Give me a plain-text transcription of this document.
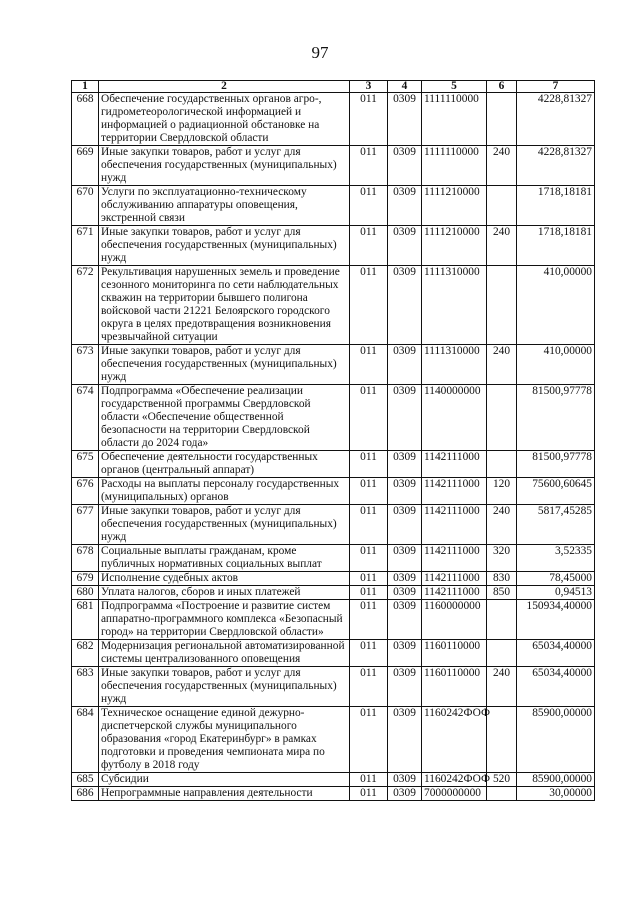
97
1	2	3	4	5	6	7
668	Обеспечение государственных органов агро-, гидрометеорологической информацией и информацией о радиационной обстановке на территории Свердловской области	011	0309	1111110000		4228,81327
669	Иные закупки товаров, работ и услуг для обеспечения государственных (муниципальных) нужд	011	0309	1111110000	240	4228,81327
670	Услуги по эксплуатационно-техническому обслуживанию аппаратуры оповещения, экстренной связи	011	0309	1111210000		1718,18181
671	Иные закупки товаров, работ и услуг для обеспечения государственных (муниципальных) нужд	011	0309	1111210000	240	1718,18181
672	Рекультивация нарушенных земель и проведение сезонного мониторинга по сети наблюдательных скважин на территории бывшего полигона войсковой части 21221 Белоярского городского округа в целях предотвращения возникновения чрезвычайной ситуации	011	0309	1111310000		410,00000
673	Иные закупки товаров, работ и услуг для обеспечения государственных (муниципальных) нужд	011	0309	1111310000	240	410,00000
674	Подпрограмма «Обеспечение реализации государственной программы Свердловской области «Обеспечение общественной безопасности на территории Свердловской области до 2024 года»	011	0309	1140000000		81500,97778
675	Обеспечение деятельности государственных органов (центральный аппарат)	011	0309	1142111000		81500,97778
676	Расходы на выплаты персоналу государственных (муниципальных) органов	011	0309	1142111000	120	75600,60645
677	Иные закупки товаров, работ и услуг для обеспечения государственных (муниципальных) нужд	011	0309	1142111000	240	5817,45285
678	Социальные выплаты гражданам, кроме публичных нормативных социальных выплат	011	0309	1142111000	320	3,52335
679	Исполнение судебных актов	011	0309	1142111000	830	78,45000
680	Уплата налогов, сборов и иных платежей	011	0309	1142111000	850	0,94513
681	Подпрограмма «Построение и развитие систем аппаратно-программного комплекса «Безопасный город» на территории Свердловской области»	011	0309	1160000000		150934,40000
682	Модернизация региональной автоматизированной системы централизованного оповещения	011	0309	1160110000		65034,40000
683	Иные закупки товаров, работ и услуг для обеспечения государственных (муниципальных) нужд	011	0309	1160110000	240	65034,40000
684	Техническое оснащение единой дежурно-диспетчерской службы муниципального образования «город Екатеринбург» в рамках подготовки и проведения чемпионата мира по футболу в 2018 году	011	0309	1160242ФОФ		85900,00000
685	Субсидии	011	0309	1160242ФОФ	520	85900,00000
686	Непрограммные направления деятельности	011	0309	7000000000		30,00000
